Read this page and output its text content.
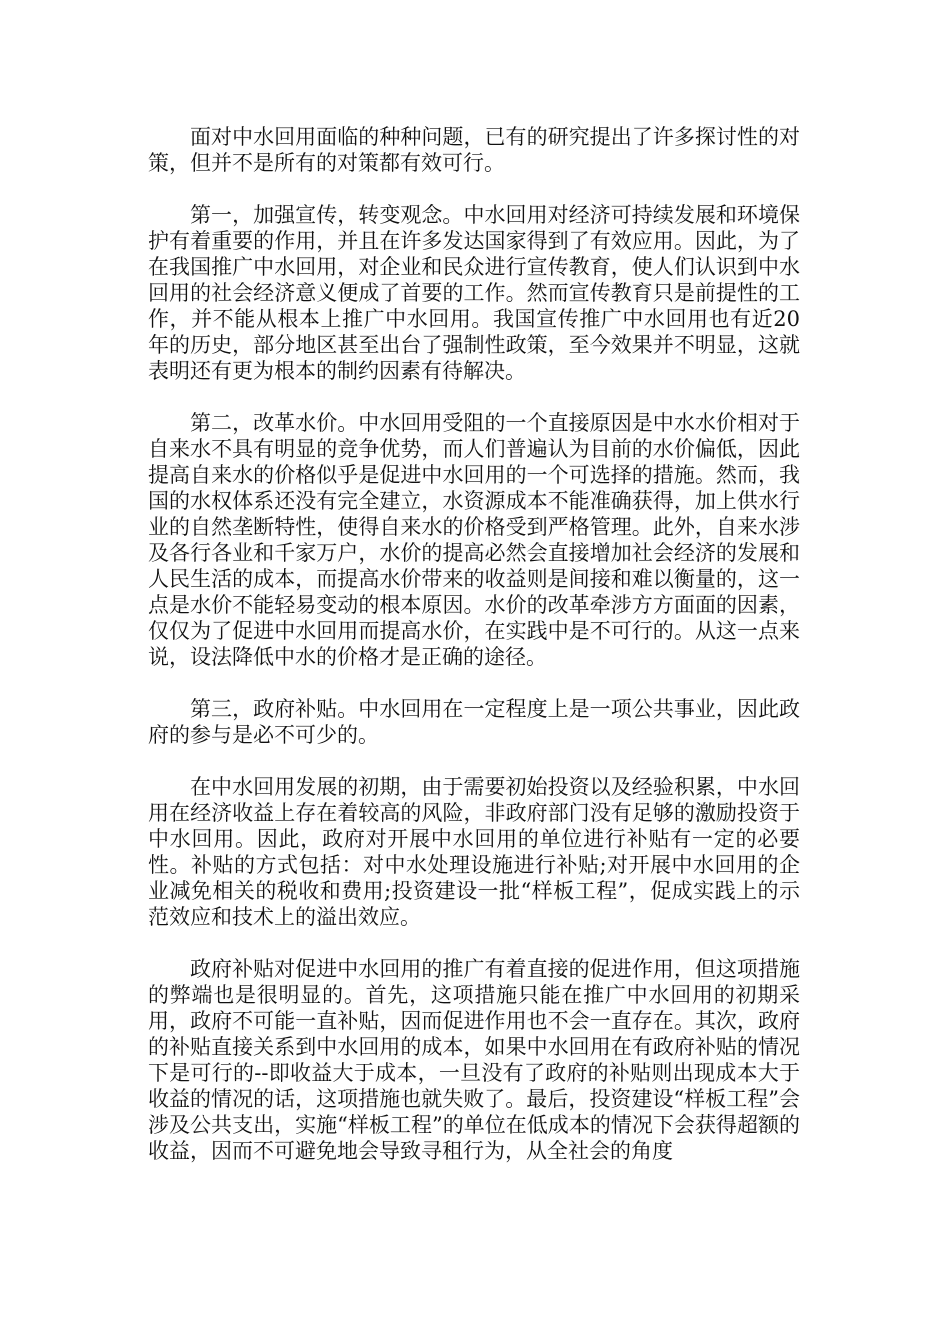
面对中水回用面临的种种问题，已有的研究提出了许多探讨性的对策，但并不是所有的对策都有效可行。

第一，加强宣传，转变观念。中水回用对经济可持续发展和环境保护有着重要的作用，并且在许多发达国家得到了有效应用。因此，为了在我国推广中水回用，对企业和民众进行宣传教育，使人们认识到中水回用的社会经济意义便成了首要的工作。然而宣传教育只是前提性的工作，并不能从根本上推广中水回用。我国宣传推广中水回用也有近20年的历史，部分地区甚至出台了强制性政策，至今效果并不明显，这就表明还有更为根本的制约因素有待解决。

第二，改革水价。中水回用受阻的一个直接原因是中水水价相对于自来水不具有明显的竞争优势，而人们普遍认为目前的水价偏低，因此提高自来水的价格似乎是促进中水回用的一个可选择的措施。然而，我国的水权体系还没有完全建立，水资源成本不能准确获得，加上供水行业的自然垄断特性，使得自来水的价格受到严格管理。此外，自来水涉及各行各业和千家万户，水价的提高必然会直接增加社会经济的发展和人民生活的成本，而提高水价带来的收益则是间接和难以衡量的，这一点是水价不能轻易变动的根本原因。水价的改革牵涉方方面面的因素，仅仅为了促进中水回用而提高水价，在实践中是不可行的。从这一点来说，设法降低中水的价格才是正确的途径。

第三，政府补贴。中水回用在一定程度上是一项公共事业，因此政府的参与是必不可少的。

在中水回用发展的初期，由于需要初始投资以及经验积累，中水回用在经济收益上存在着较高的风险，非政府部门没有足够的激励投资于中水回用。因此，政府对开展中水回用的单位进行补贴有一定的必要性。补贴的方式包括：对中水处理设施进行补贴;对开展中水回用的企业减免相关的税收和费用;投资建设一批“样板工程”，促成实践上的示范效应和技术上的溢出效应。

政府补贴对促进中水回用的推广有着直接的促进作用，但这项措施的弊端也是很明显的。首先，这项措施只能在推广中水回用的初期采用，政府不可能一直补贴，因而促进作用也不会一直存在。其次，政府的补贴直接关系到中水回用的成本，如果中水回用在有政府补贴的情况下是可行的--即收益大于成本，一旦没有了政府的补贴则出现成本大于收益的情况的话，这项措施也就失败了。最后，投资建设“样板工程”会涉及公共支出，实施“样板工程”的单位在低成本的情况下会获得超额的收益，因而不可避免地会导致寻租行为，从全社会的角度
